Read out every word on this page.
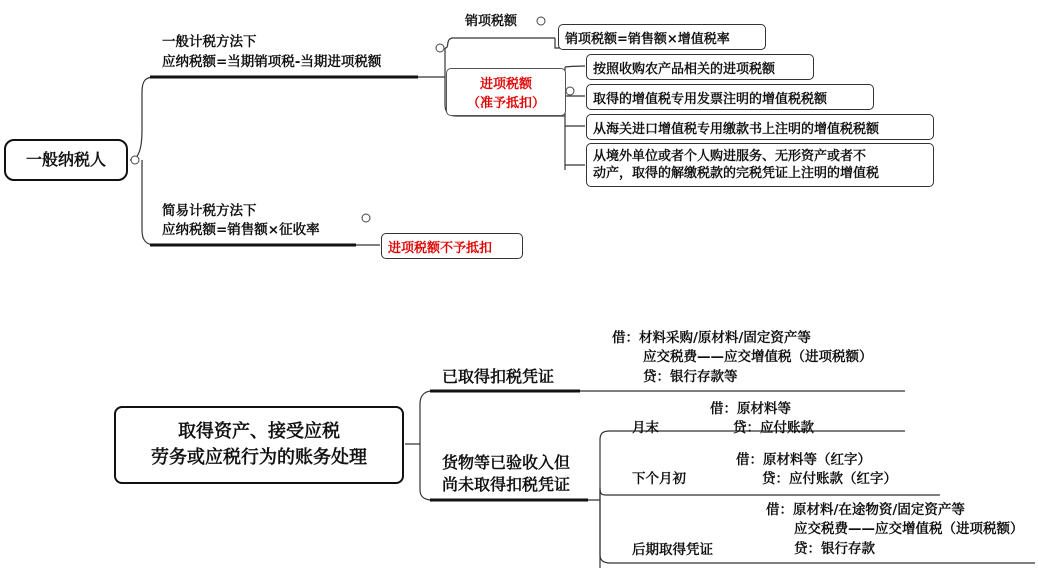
一般纳税人
一般计税方法下
应纳税额=当期销项税-当期进项税额
销项税额
销项税额=销售额×增值税率
进项税额
（准予抵扣）
按照收购农产品相关的进项税额
取得的增值税专用发票注明的增值税税额
从海关进口增值税专用缴款书上注明的增值税税额
从境外单位或者个人购进服务、无形资产或者不
动产，取得的解缴税款的完税凭证上注明的增值税
简易计税方法下
应纳税额=销售额×征收率
进项税额不予抵扣
取得资产、接受应税
劳务或应税行为的账务处理
已取得扣税凭证
借：材料采购/原材料/固定资产等
应交税费——应交增值税（进项税额）
贷：银行存款等
货物等已验收入但
尚未取得扣税凭证
月末
借：原材料等
贷：应付账款
下个月初
借：原材料等（红字）
贷：应付账款（红字）
后期取得凭证
借：原材料/在途物资/固定资产等
应交税费——应交增值税（进项税额）
贷：银行存款
